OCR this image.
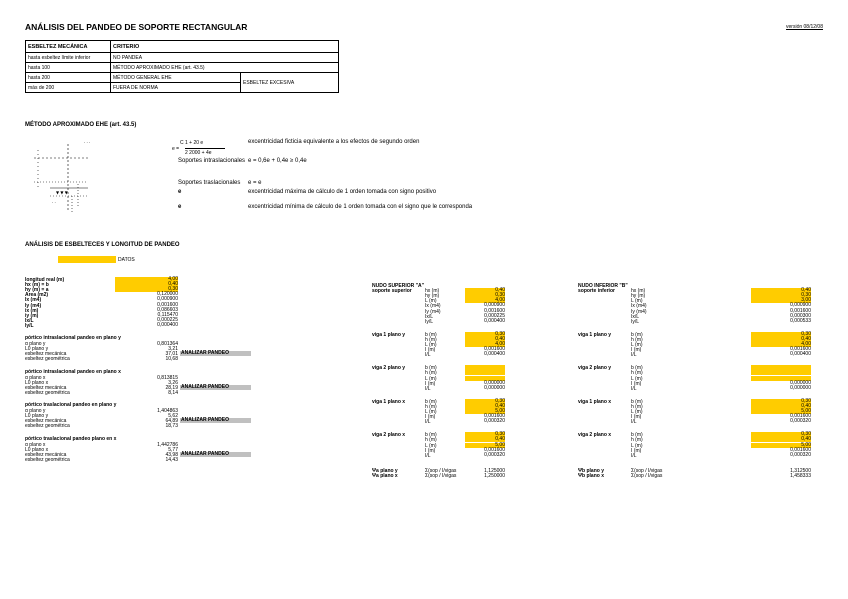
ANÁLISIS DEL PANDEO DE SOPORTE RECTANGULAR	versión 08/12/08
ESBELTEZ MECÁNICA	CRITERIO	
hasta esbeltez límite inferior	NO PANDEA	
hasta 100	MÉTODO APROXIMADO EHE (art. 43.5)	
hasta 200	MÉTODO GENERAL EHE	ESBELTEZ EXCESIVA
más de 200	FUERA DE NORMA	
MÉTODO APROXIMADO EHE (art. 43.5)
· · ·
▼ ▼ ▼
· ·
C 1 + 20 e
e =
2 2000 + 4e
excentricidad ficticia equivalente a los efectos de segundo orden
Soportes intraslacionales e = 0,6e + 0,4e ≥ 0,4e
Soportes traslacionales e = e
e	excentricidad máxima de cálculo de 1 orden tomada con signo positivo
e	excentricidad mínima de cálculo de 1 orden tomada con el signo que le corresponda
ANÁLISIS DE ESBELTECES Y LONGITUD DE PANDEO
DATOS
longitud real (m)	4,00
hx (m) = b	0,40
hy (m) = a	0,30
Area (m2)	0,120000
Ix (m4)	0,000900
Iy (m4)	0,001600
ix (m)	0,086603
iy (m)	0,115470
Ix/L	0,000225
Iy/L	0,000400
pórtico intraslacional pandeo en plano y
α plano y	0,801364
L0 plano y	3,21
esbeltez mecánica	37,01 ANALIZAR PANDEO
esbeltez geométrica	10,68
pórtico intraslacional pandeo en plano x
α plano x	0,813815
L0 plano x	3,26
esbeltez mecánica	28,19 ANALIZAR PANDEO
esbeltez geométrica	8,14
pórtico traslacional pandeo en plano y
α plano y	1,404863
L0 plano y	5,62
esbeltez mecánica	64,89 ANALIZAR PANDEO
esbeltez geométrica	18,73
pórtico traslacional pandeo plano en x
α plano x	1,442786
L0 plano x	5,77
esbeltez mecánica	43,98 ANALIZAR PANDEO
esbeltez geométrica	14,43
NUDO SUPERIOR "A"
soporte superior	hx (m)	0,40
hy (m)	0,30
L (m)	4,00
Ix (m4)	0,000900
Iy (m4)	0,001600
Ix/L	0,000225
Iy/L	0,000400
viga 1 plano y	b (m)	0,30
h (m)	0,40
L (m)	4,00
I (m)	0,001600
I/L	0,000400
viga 2 plano y	b (m)
h (m)
L (m)
I (m)	0,000000
I/L	0,000000
viga 1 plano x	b (m)	0,30
h (m)	0,40
L (m)	5,00
I (m)	0,001600
I/L	0,000320
viga 2 plano x	b (m)	0,30
h (m)	0,40
L (m)	5,00
I (m)	0,001600
I/L	0,000320
Ψa plano y	Σ(sop / I/vigas	1,125000
Ψa plano x	Σ(sop / I/vigas	1,250000
NUDO INFERIOR "B"
soporte inferior	hx (m)	0,40
hy (m)	0,30
L (m)	3,00
Ix (m4)	0,000900
Iy (m4)	0,001600
Ix/L	0,000300
Iy/L	0,000533
viga 1 plano y	b (m)	0,30
h (m)	0,40
L (m)	4,00
I (m)	0,001600
I/L	0,000400
viga 2 plano y	b (m)
h (m)
L (m)
I (m)	0,000000
I/L	0,000000
viga 1 plano x	b (m)	0,30
h (m)	0,40
L (m)	5,00
I (m)	0,001600
I/L	0,000320
viga 2 plano x	b (m)	0,30
h (m)	0,40
L (m)	5,00
I (m)	0,001600
I/L	0,000320
Ψb plano y	Σ(sop / I/vigas	1,312500
Ψb plano x	Σ(sop / I/vigas	1,458333
